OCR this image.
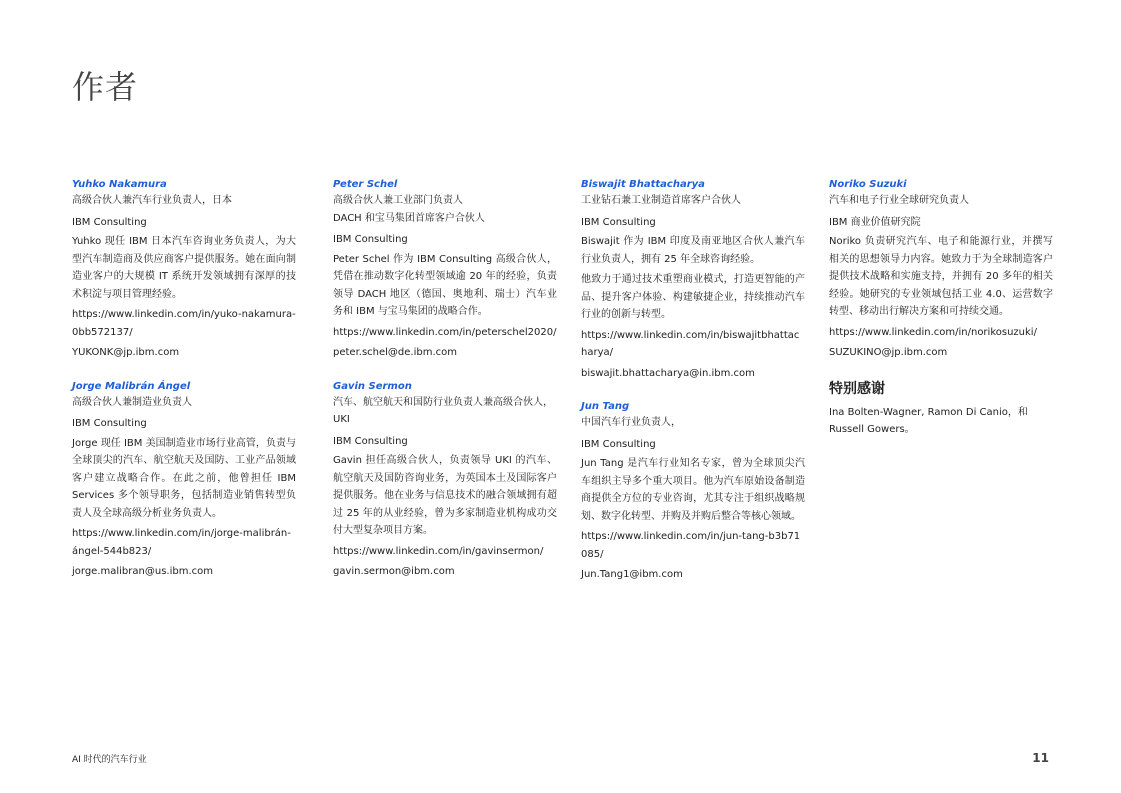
作者

Yuhko Nakamura

高级合伙人兼汽车行业负责人，日本

IBM Consulting

Yuhko 现任 IBM 日本汽车咨询业务负责人，为大型汽车制造商及供应商客户提供服务。她在面向制造业客户的大规模 IT 系统开发领域拥有深厚的技术积淀与项目管理经验。

https://www.linkedin.com/in/yuko-nakamura-0bb572137/

YUKONK@jp.ibm.com

Jorge Malibrán Ángel

高级合伙人兼制造业负责人

IBM Consulting

Jorge 现任 IBM 美国制造业市场行业高管，负责与全球顶尖的汽车、航空航天及国防、工业产品领域客户建立战略合作。在此之前，他曾担任 IBM Services 多个领导职务，包括制造业销售转型负责人及全球高级分析业务负责人。

https://www.linkedin.com/in/jorge-malibrán-ángel-544b823/

jorge.malibran@us.ibm.com

Peter Schel

高级合伙人兼工业部门负责人

DACH 和宝马集团首席客户合伙人

IBM Consulting

Peter Schel 作为 IBM Consulting 高级合伙人，凭借在推动数字化转型领域逾 20 年的经验，负责领导 DACH 地区（德国、奥地利、瑞士）汽车业务和 IBM 与宝马集团的战略合作。

https://www.linkedin.com/in/peterschel2020/

peter.schel@de.ibm.com

Gavin Sermon

汽车、航空航天和国防行业负责人兼高级合伙人，UKI

IBM Consulting

Gavin 担任高级合伙人，负责领导 UKI 的汽车、航空航天及国防咨询业务，为英国本土及国际客户提供服务。他在业务与信息技术的融合领域拥有超过 25 年的从业经验，曾为多家制造业机构成功交付大型复杂项目方案。

https://www.linkedin.com/in/gavinsermon/

gavin.sermon@ibm.com

Biswajit Bhattacharya

工业钻石兼工业制造首席客户合伙人

IBM Consulting

Biswajit 作为 IBM 印度及南亚地区合伙人兼汽车行业负责人，拥有 25 年全球咨询经验。

他致力于通过技术重塑商业模式，打造更智能的产品、提升客户体验、构建敏捷企业，持续推动汽车行业的创新与转型。

https://www.linkedin.com/in/biswajitbhattacharya/

biswajit.bhattacharya@in.ibm.com

Jun Tang

中国汽车行业负责人，

IBM Consulting

Jun Tang 是汽车行业知名专家，曾为全球顶尖汽车组织主导多个重大项目。他为汽车原始设备制造商提供全方位的专业咨询，尤其专注于组织战略规划、数字化转型、并购及并购后整合等核心领域。

https://www.linkedin.com/in/jun-tang-b3b71085/

Jun.Tang1@ibm.com

Noriko Suzuki

汽车和电子行业全球研究负责人

IBM 商业价值研究院

Noriko 负责研究汽车、电子和能源行业，并撰写相关的思想领导力内容。她致力于为全球制造客户提供技术战略和实施支持，并拥有 20 多年的相关经验。她研究的专业领域包括工业 4.0、运营数字转型、移动出行解决方案和可持续交通。

https://www.linkedin.com/in/norikosuzuki/

SUZUKINO@jp.ibm.com

特别感谢

Ina Bolten-Wagner, Ramon Di Canio，和 Russell Gowers。

AI 时代的汽车行业	11
